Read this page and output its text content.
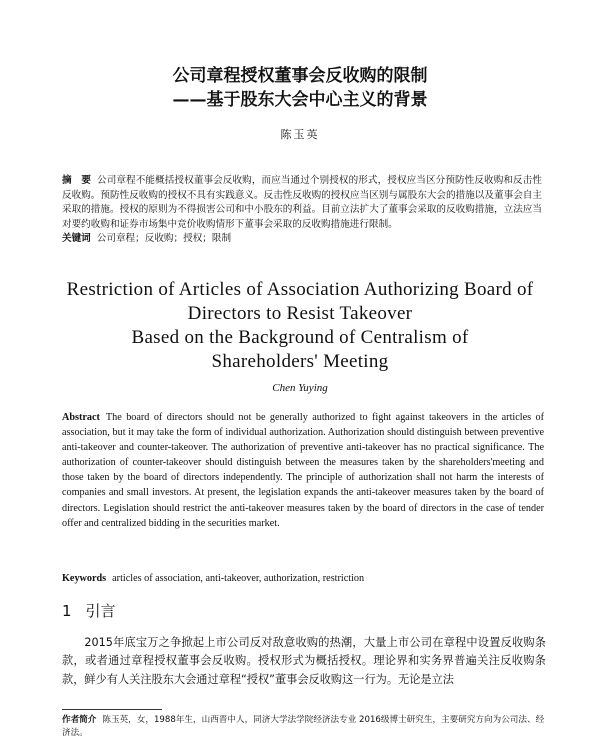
公司章程授权董事会反收购的限制
——基于股东大会中心主义的背景
陈玉英
摘　要 公司章程不能概括授权董事会反收购，而应当通过个别授权的形式，授权应当区分预防性反收购和反击性反收购。预防性反收购的授权不具有实践意义。反击性反收购的授权应当区别与属股东大会的措施以及董事会自主采取的措施。授权的原则为不得损害公司和中小股东的利益。目前立法扩大了董事会采取的反收购措施，立法应当对要约收购和证券市场集中竞价收购情形下董事会采取的反收购措施进行限制。
关键词 公司章程；反收购；授权；限制
Restriction of Articles of Association Authorizing Board of
Directors to Resist Takeover
Based on the Background of Centralism of
Shareholders' Meeting
Chen Yuying
Abstract The board of directors should not be generally authorized to fight against takeovers in the articles of association, but it may take the form of individual authorization. Authorization should distinguish between preventive anti-takeover and counter-takeover. The authorization of preventive anti-takeover has no practical significance. The authorization of counter-takeover should distinguish between the measures taken by the shareholders'meeting and those taken by the board of directors independently. The principle of authorization shall not harm the interests of companies and small investors. At present, the legislation expands the anti-takeover measures taken by the board of directors. Legislation should restrict the anti-takeover measures taken by the board of directors in the case of tender offer and centralized bidding in the securities market.
Keywords articles of association, anti-takeover, authorization, restriction
1 引言
2015年底宝万之争掀起上市公司反对敌意收购的热潮，大量上市公司在章程中设置反收购条款，或者通过章程授权董事会反收购。授权形式为概括授权。理论界和实务界普遍关注反收购条款，鲜少有人关注股东大会通过章程“授权”董事会反收购这一行为。无论是立法
作者简介 陈玉英，女，1988年生，山西晋中人，同济大学法学院经济法专业 2016级博士研究生，主要研究方向为公司法、经济法。
